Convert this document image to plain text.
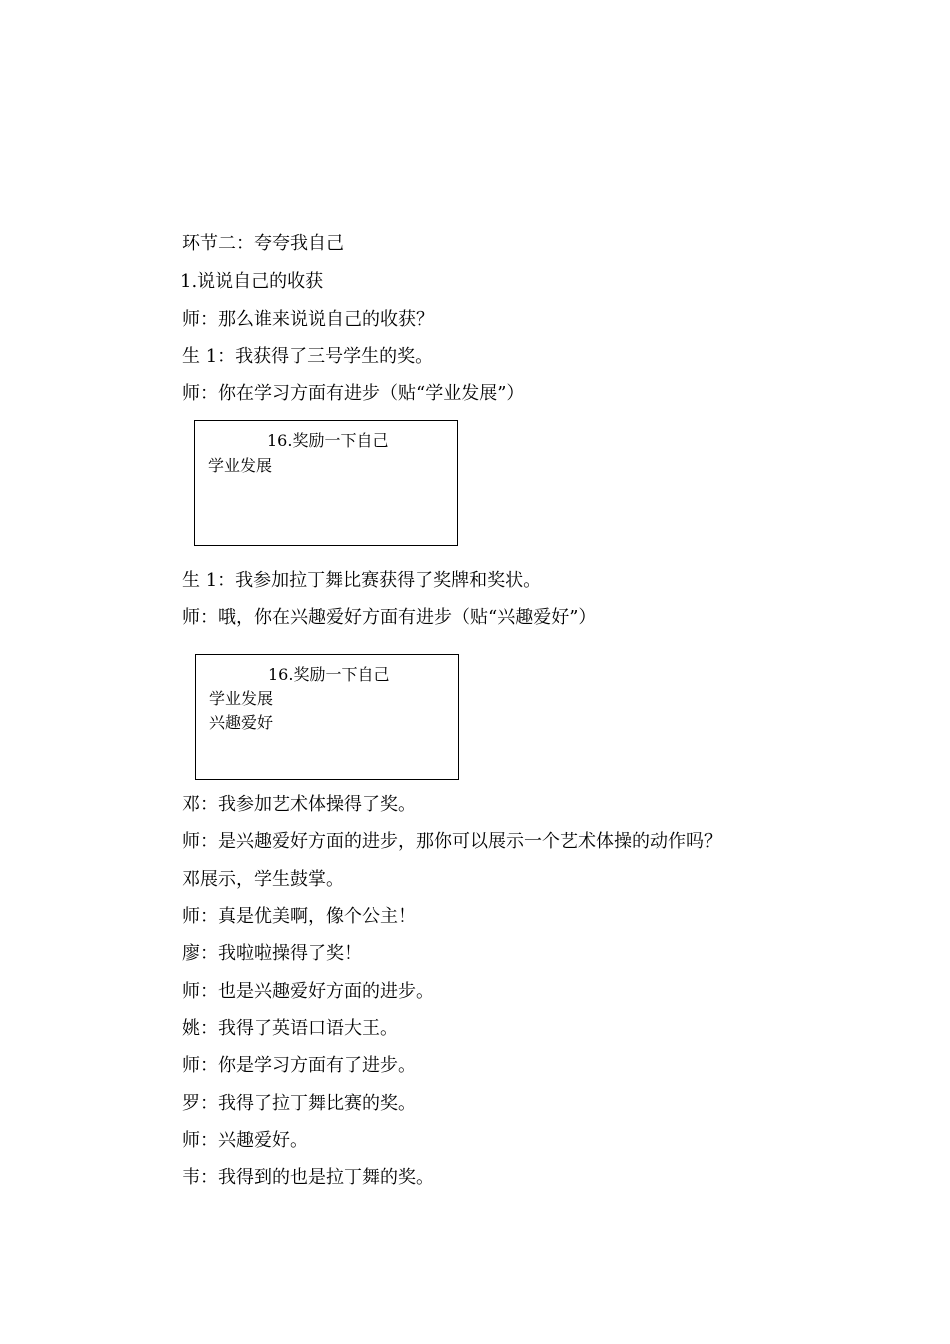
环节二：夸夸我自己
1.说说自己的收获
师：那么谁来说说自己的收获？
生 1：我获得了三号学生的奖。
师：你在学习方面有进步（贴“学业发展”）
16.奖励一下自己
学业发展
生 1：我参加拉丁舞比赛获得了奖牌和奖状。
师：哦，你在兴趣爱好方面有进步（贴“兴趣爱好”）
16.奖励一下自己
学业发展
兴趣爱好
邓：我参加艺术体操得了奖。
师：是兴趣爱好方面的进步，那你可以展示一个艺术体操的动作吗？
邓展示，学生鼓掌。
师：真是优美啊，像个公主！
廖：我啦啦操得了奖！
师：也是兴趣爱好方面的进步。
姚：我得了英语口语大王。
师：你是学习方面有了进步。
罗：我得了拉丁舞比赛的奖。
师：兴趣爱好。
韦：我得到的也是拉丁舞的奖。
